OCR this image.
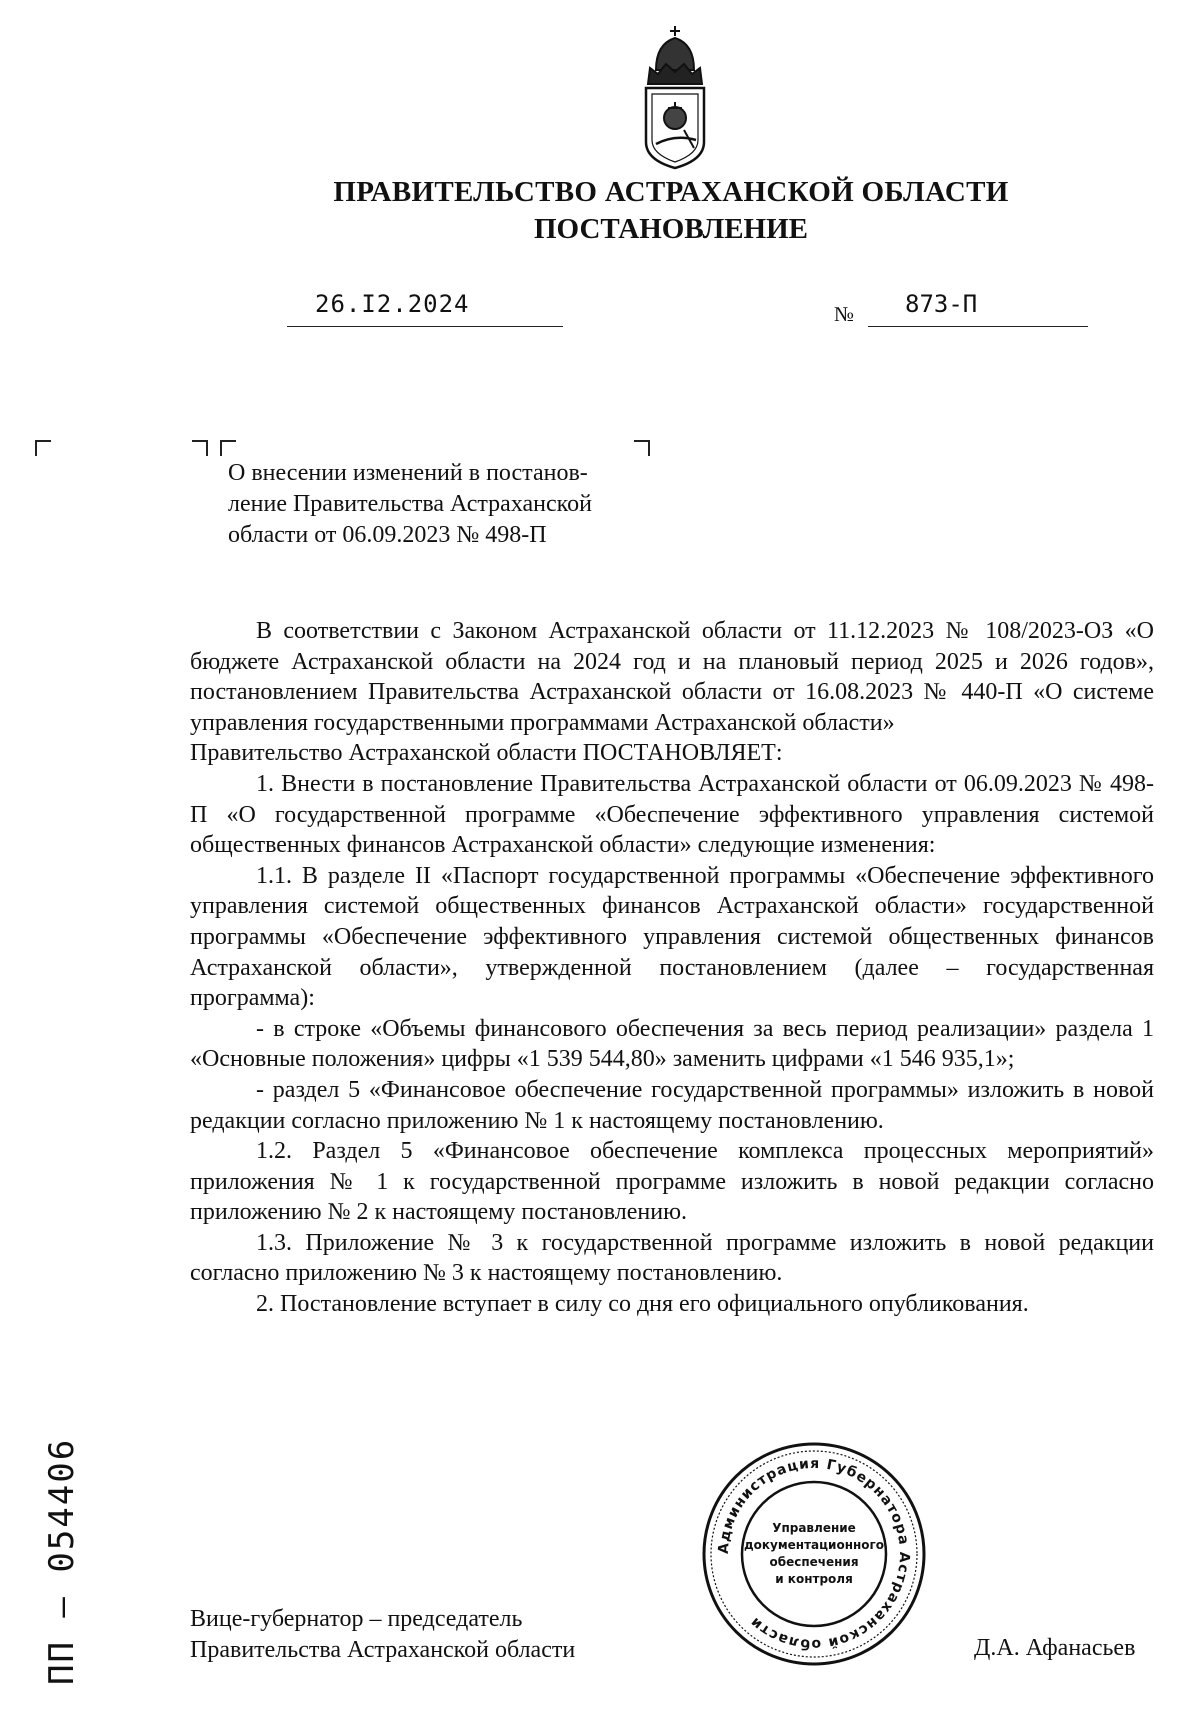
ПРАВИТЕЛЬСТВО АСТРАХАНСКОЙ ОБЛАСТИ
ПОСТАНОВЛЕНИЕ
26.I2.2024	№ 873-П
О внесении изменений в постанов-
ление Правительства Астраханской
области от 06.09.2023 № 498-П

В соответствии с Законом Астраханской области от 11.12.2023 № 108/2023-ОЗ «О бюджете Астраханской области на 2024 год и на плановый период 2025 и 2026 годов», постановлением Правительства Астраханской области от 16.08.2023 № 440-П «О системе управления государственными программами Астраханской области»

Правительство Астраханской области ПОСТАНОВЛЯЕТ:

1. Внести в постановление Правительства Астраханской области от 06.09.2023 № 498-П «О государственной программе «Обеспечение эффективного управления системой общественных финансов Астраханской области» следующие изменения:

1.1. В разделе II «Паспорт государственной программы «Обеспечение эффективного управления системой общественных финансов Астраханской области» государственной программы «Обеспечение эффективного управления системой общественных финансов Астраханской области», утвержденной постановлением (далее – государственная программа):

- в строке «Объемы финансового обеспечения за весь период реализации» раздела 1 «Основные положения» цифры «1 539 544,80» заменить цифрами «1 546 935,1»;

- раздел 5 «Финансовое обеспечение государственной программы» изложить в новой редакции согласно приложению № 1 к настоящему постановлению.

1.2. Раздел 5 «Финансовое обеспечение комплекса процессных мероприятий» приложения № 1 к государственной программе изложить в новой редакции согласно приложению № 2 к настоящему постановлению.

1.3. Приложение № 3 к государственной программе изложить в новой редакции согласно приложению № 3 к настоящему постановлению.

2. Постановление вступает в силу со дня его официального опубликования.

Администрация Губернатора Астраханской области
Управление
документационного
обеспечения
и контроля
Вице-губернатор – председатель
Правительства Астраханской области	Д.А. Афанасьев
ПП – 054406
